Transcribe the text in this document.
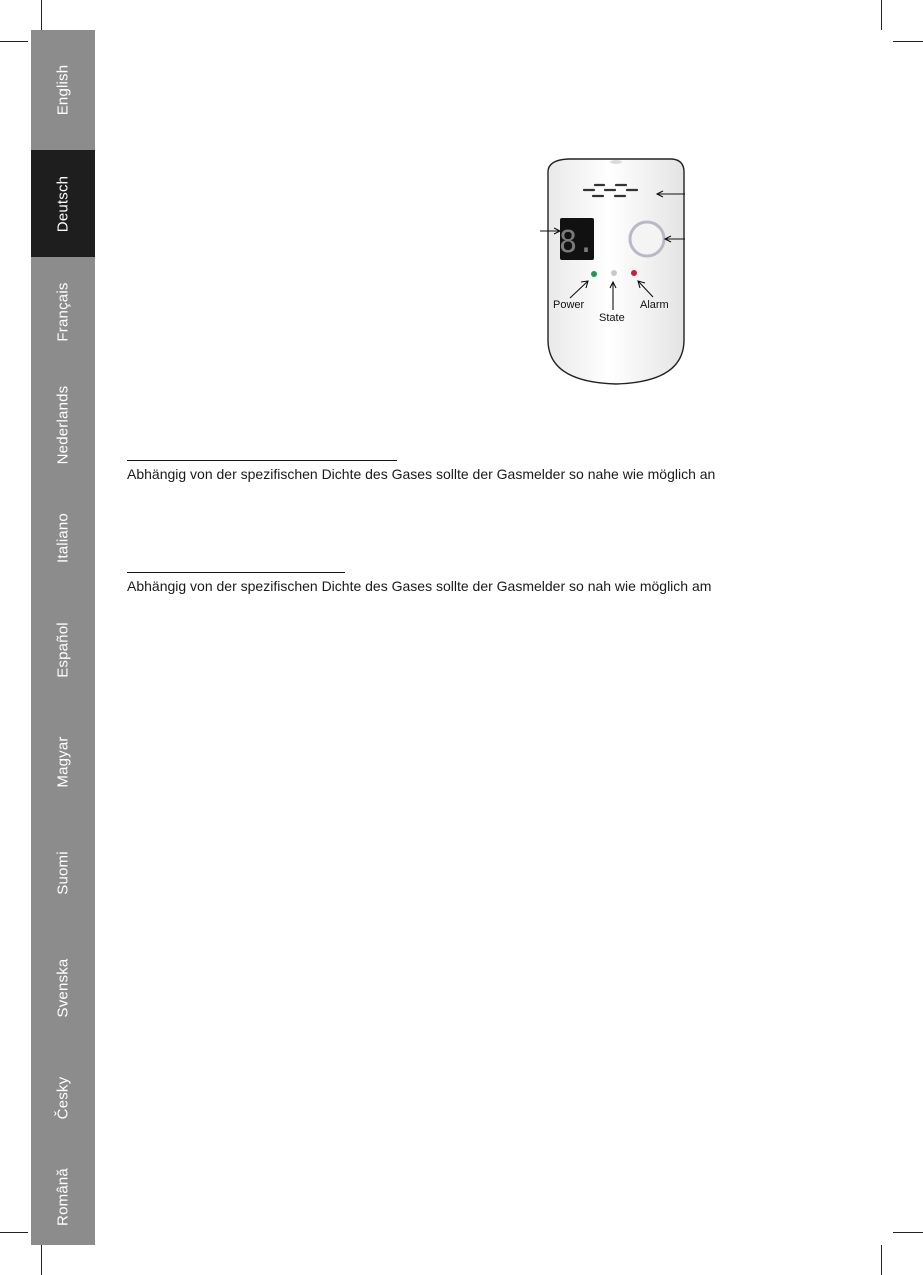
English
Deutsch
Français
Nederlands
Italiano
Español
Magyar
Suomi
Svenska
Česky
Română
8.
Power
State
Alarm
Abhängig von der spezifischen Dichte des Gases sollte der Gasmelder so nahe wie möglich an
Abhängig von der spezifischen Dichte des Gases sollte der Gasmelder so nah wie möglich am
